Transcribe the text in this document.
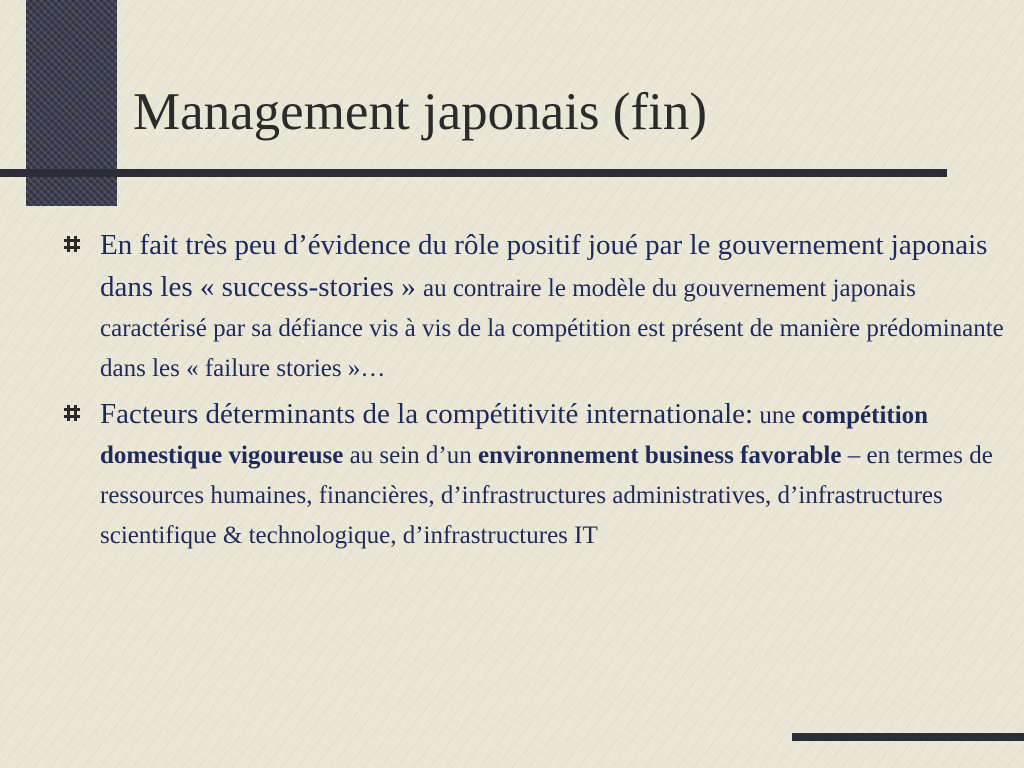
Management japonais (fin)
En fait très peu d’évidence du rôle positif joué par le gouvernement japonais dans les « success-stories » au contraire le modèle du gouvernement japonais caractérisé par sa défiance vis à vis de la compétition est présent de manière prédominante dans les « failure stories »…
Facteurs déterminants de la compétitivité internationale: une compétition domestique vigoureuse au sein d’un environnement business favorable – en termes de ressources humaines, financières, d’infrastructures administratives, d’infrastructures scientifique & technologique, d’infrastructures IT
